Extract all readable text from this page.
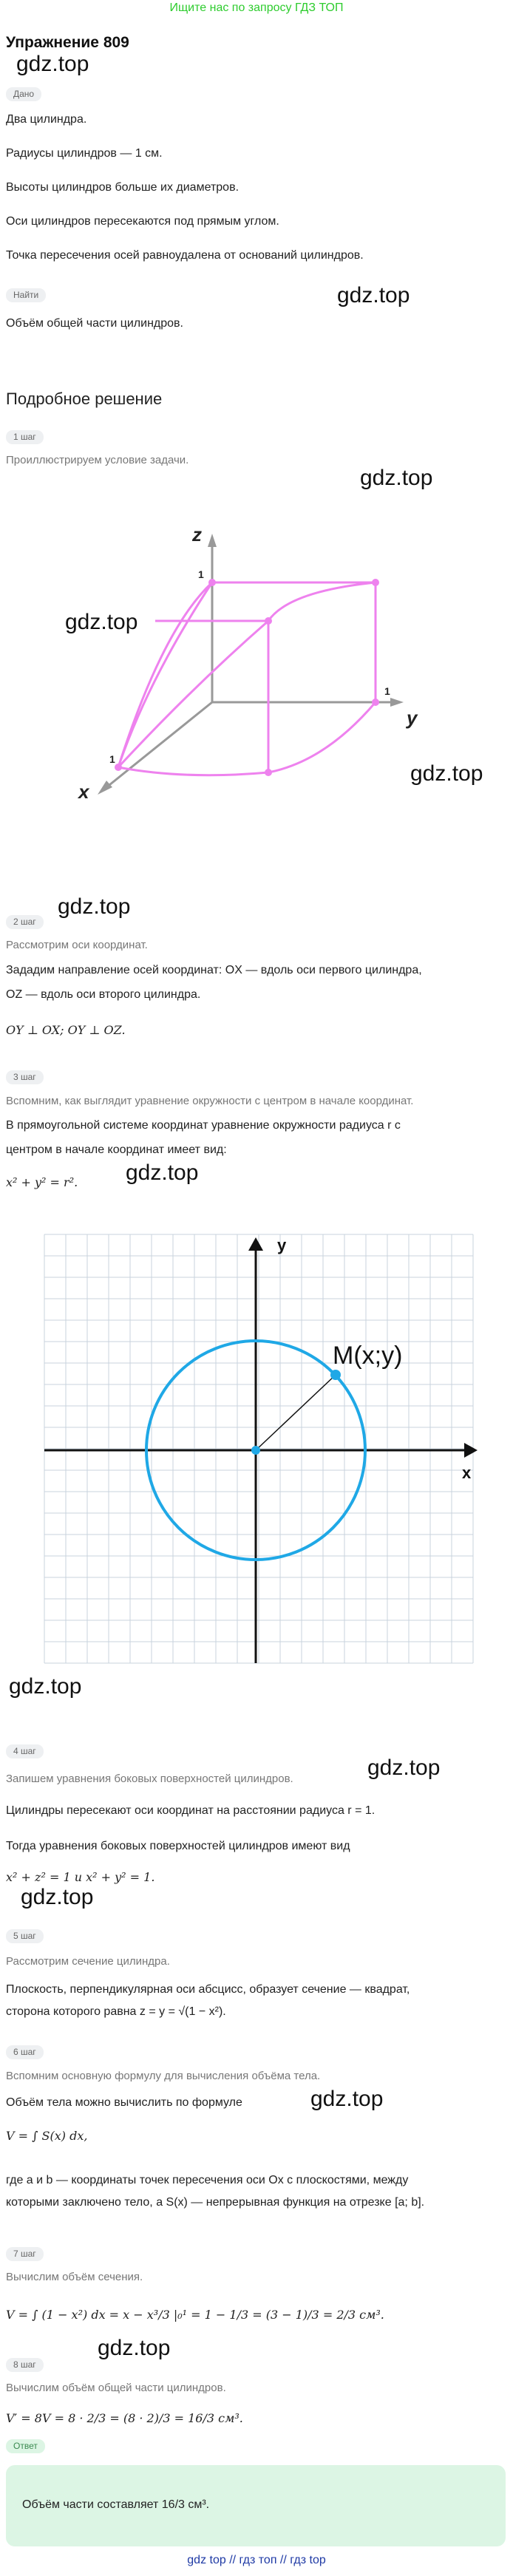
Ищите нас по запросу ГДЗ ТОП
Упражнение 809
gdz.top
gdz.top
gdz.top
gdz.top
gdz.top
gdz.top
gdz.top
gdz.top
gdz.top
gdz.top
gdz.top
gdz.top
Дано
Два цилиндра.
Радиусы цилиндров — 1 см.
Высоты цилиндров больше их диаметров.
Оси цилиндров пересекаются под прямым углом.
Точка пересечения осей равноудалена от оснований цилиндров.
Найти
Объём общей части цилиндров.
Подробное решение
1 шаг
Проиллюстрируем условие задачи.
z
y
x
1
1
1
2 шаг
Рассмотрим оси координат.
Зададим направление осей координат: OX — вдоль оси первого цилиндра,
OZ — вдоль оси второго цилиндра.
OY ⊥ OX; OY ⊥ OZ.
3 шаг
Вспомним, как выглядит уравнение окружности с центром в начале координат.
В прямоугольной системе координат уравнение окружности радиуса r с
центром в начале координат имеет вид:
x² + y² = r².
M(x;y)
y
x
4 шаг
Запишем уравнения боковых поверхностей цилиндров.
Цилиндры пересекают оси координат на расстоянии радиуса r = 1.
Тогда уравнения боковых поверхностей цилиндров имеют вид
x² + z² = 1 и x² + y² = 1.
5 шаг
Рассмотрим сечение цилиндра.
Плоскость, перпендикулярная оси абсцисс, образует сечение — квадрат,
сторона которого равна z = y = √(1 − x²).
6 шаг
Вспомним основную формулу для вычисления объёма тела.
Объём тела можно вычислить по формуле
V = ∫ S(x) dx,
где a и b — координаты точек пересечения оси Ox с плоскостями, между
которыми заключено тело, а S(x) — непрерывная функция на отрезке [a; b].
7 шаг
Вычислим объём сечения.
V = ∫ (1 − x²) dx = x − x³/3 |₀¹ = 1 − 1/3 = (3 − 1)/3 = 2/3 см³.
8 шаг
Вычислим объём общей части цилиндров.
V′ = 8V = 8 · 2/3 = (8 · 2)/3 = 16/3 см³.
Ответ
Объём части составляет 16/3 см³.
gdz top // гдз топ // гдз top
